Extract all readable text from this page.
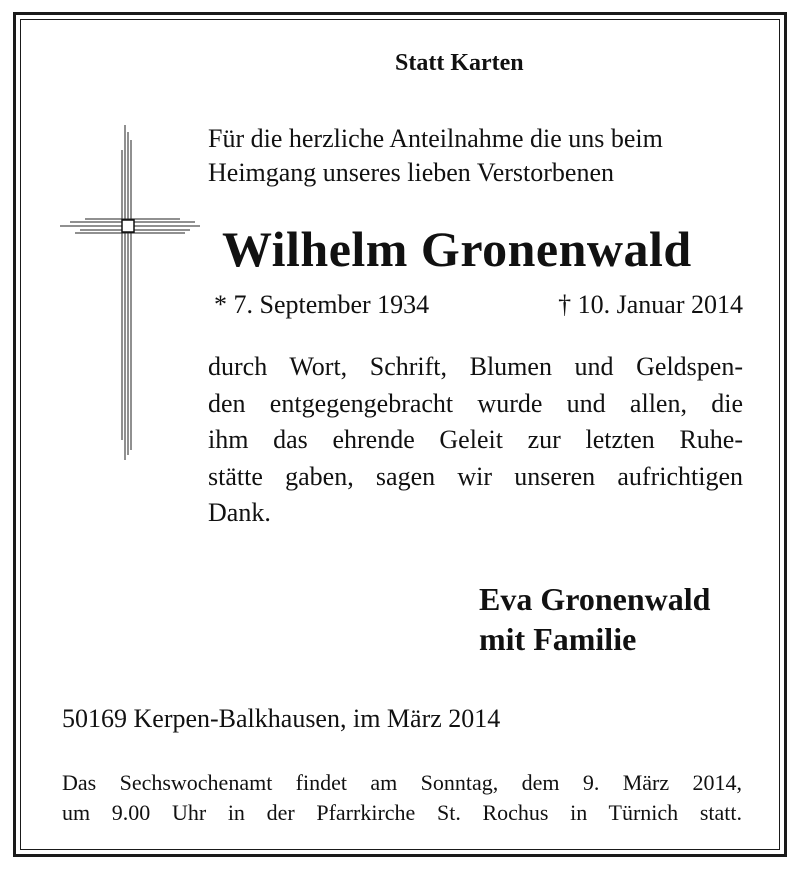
Statt Karten
Für die herzliche Anteilnahme die uns beim
Heimgang unseres lieben Verstorbenen
Wilhelm Gronenwald
* 7. September 1934	† 10. Januar 2014
durch Wort, Schrift, Blumen und Geldspen-
den entgegengebracht wurde und allen, die
ihm das ehrende Geleit zur letzten Ruhe-
stätte gaben, sagen wir unseren aufrichtigen
Dank.
Eva Gronenwald
mit Familie
50169 Kerpen-Balkhausen, im März 2014
Das Sechswochenamt findet am Sonntag, dem 9. März 2014,
um 9.00 Uhr in der Pfarrkirche St. Rochus in Türnich statt.
